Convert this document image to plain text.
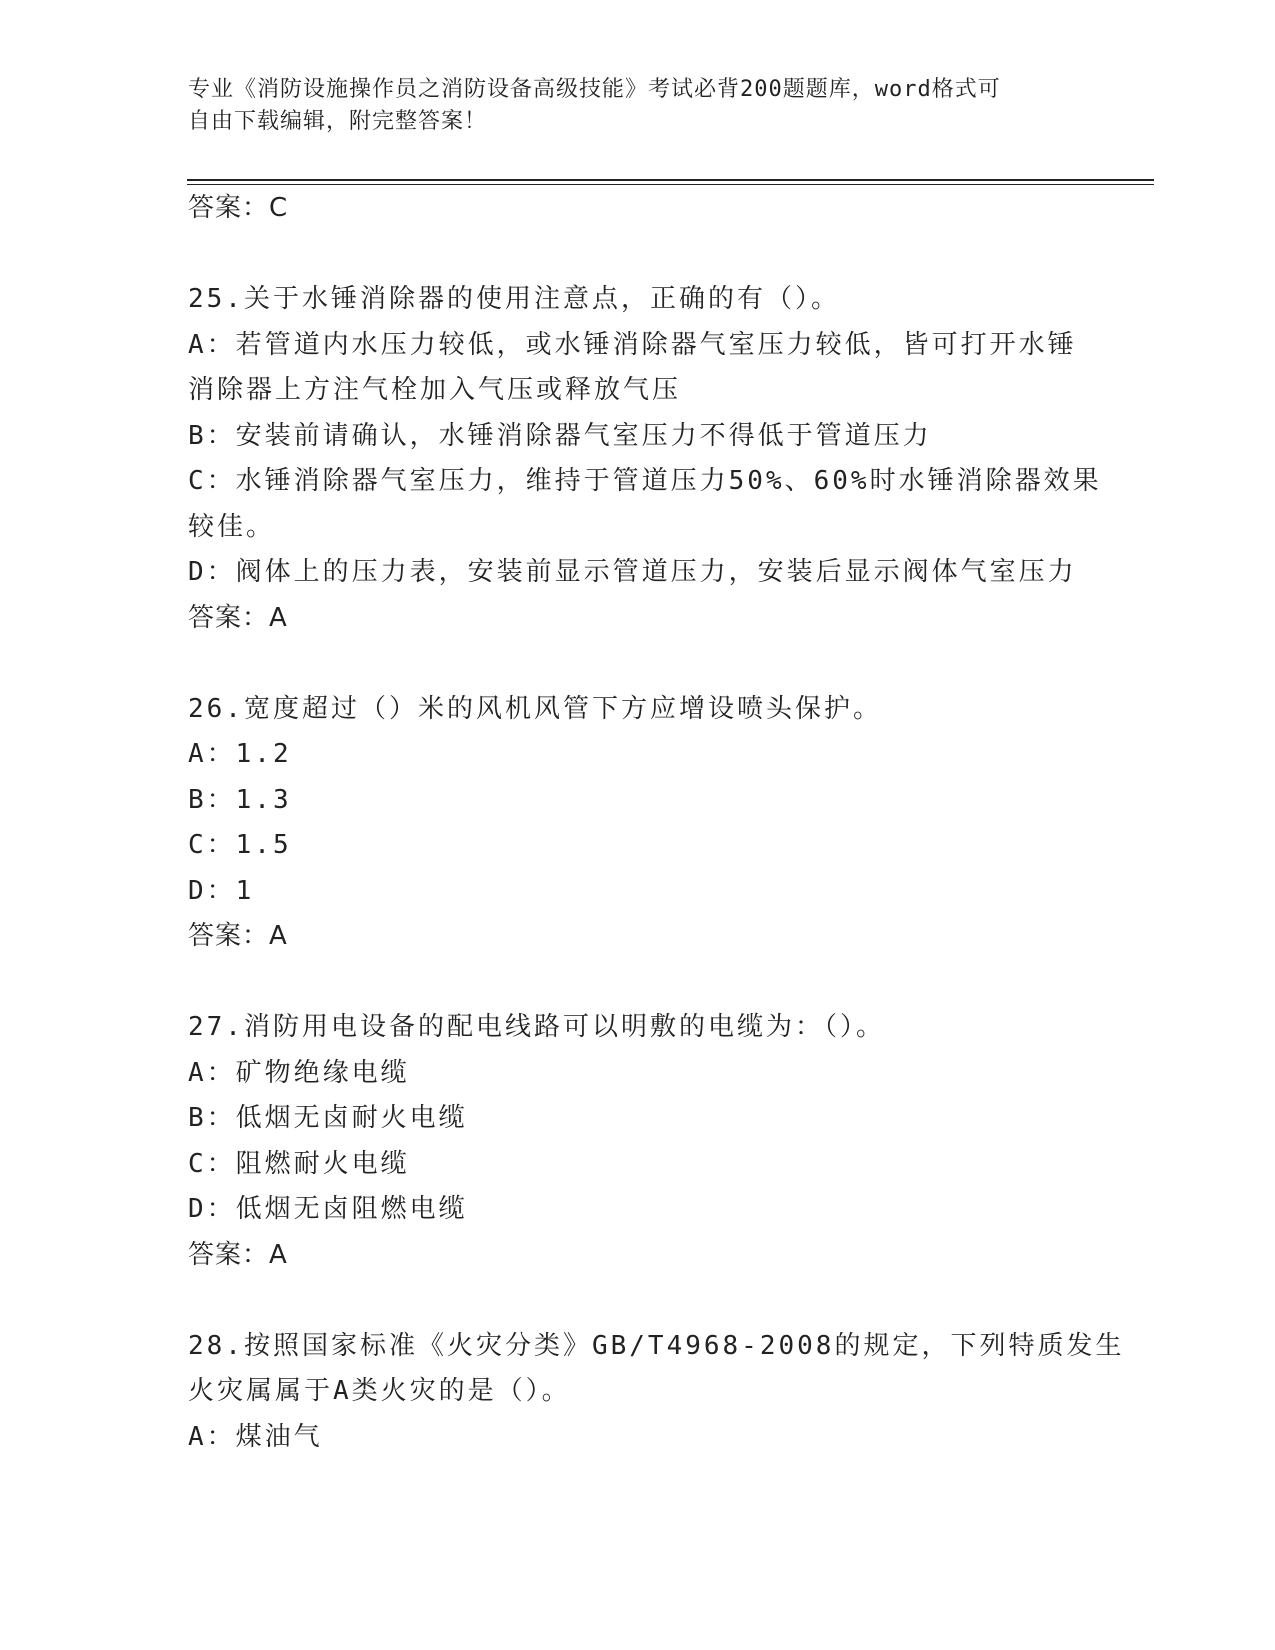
专业《消防设施操作员之消防设备高级技能》考试必背200题题库，word格式可
自由下载编辑，附完整答案！
答案：C
25.关于水锤消除器的使用注意点，正确的有（）。
A：若管道内水压力较低，或水锤消除器气室压力较低，皆可打开水锤
消除器上方注气栓加入气压或释放气压
B：安装前请确认，水锤消除器气室压力不得低于管道压力
C：水锤消除器气室压力，维持于管道压力50%、60%时水锤消除器效果
较佳。
D：阀体上的压力表，安装前显示管道压力，安装后显示阀体气室压力
答案：A
26.宽度超过（）米的风机风管下方应增设喷头保护。
A：1.2
B：1.3
C：1.5
D：1
答案：A
27.消防用电设备的配电线路可以明敷的电缆为：（）。
A：矿物绝缘电缆
B：低烟无卤耐火电缆
C：阻燃耐火电缆
D：低烟无卤阻燃电缆
答案：A
28.按照国家标准《火灾分类》GB/T4968-2008的规定，下列特质发生
火灾属属于A类火灾的是（）。
A：煤油气
